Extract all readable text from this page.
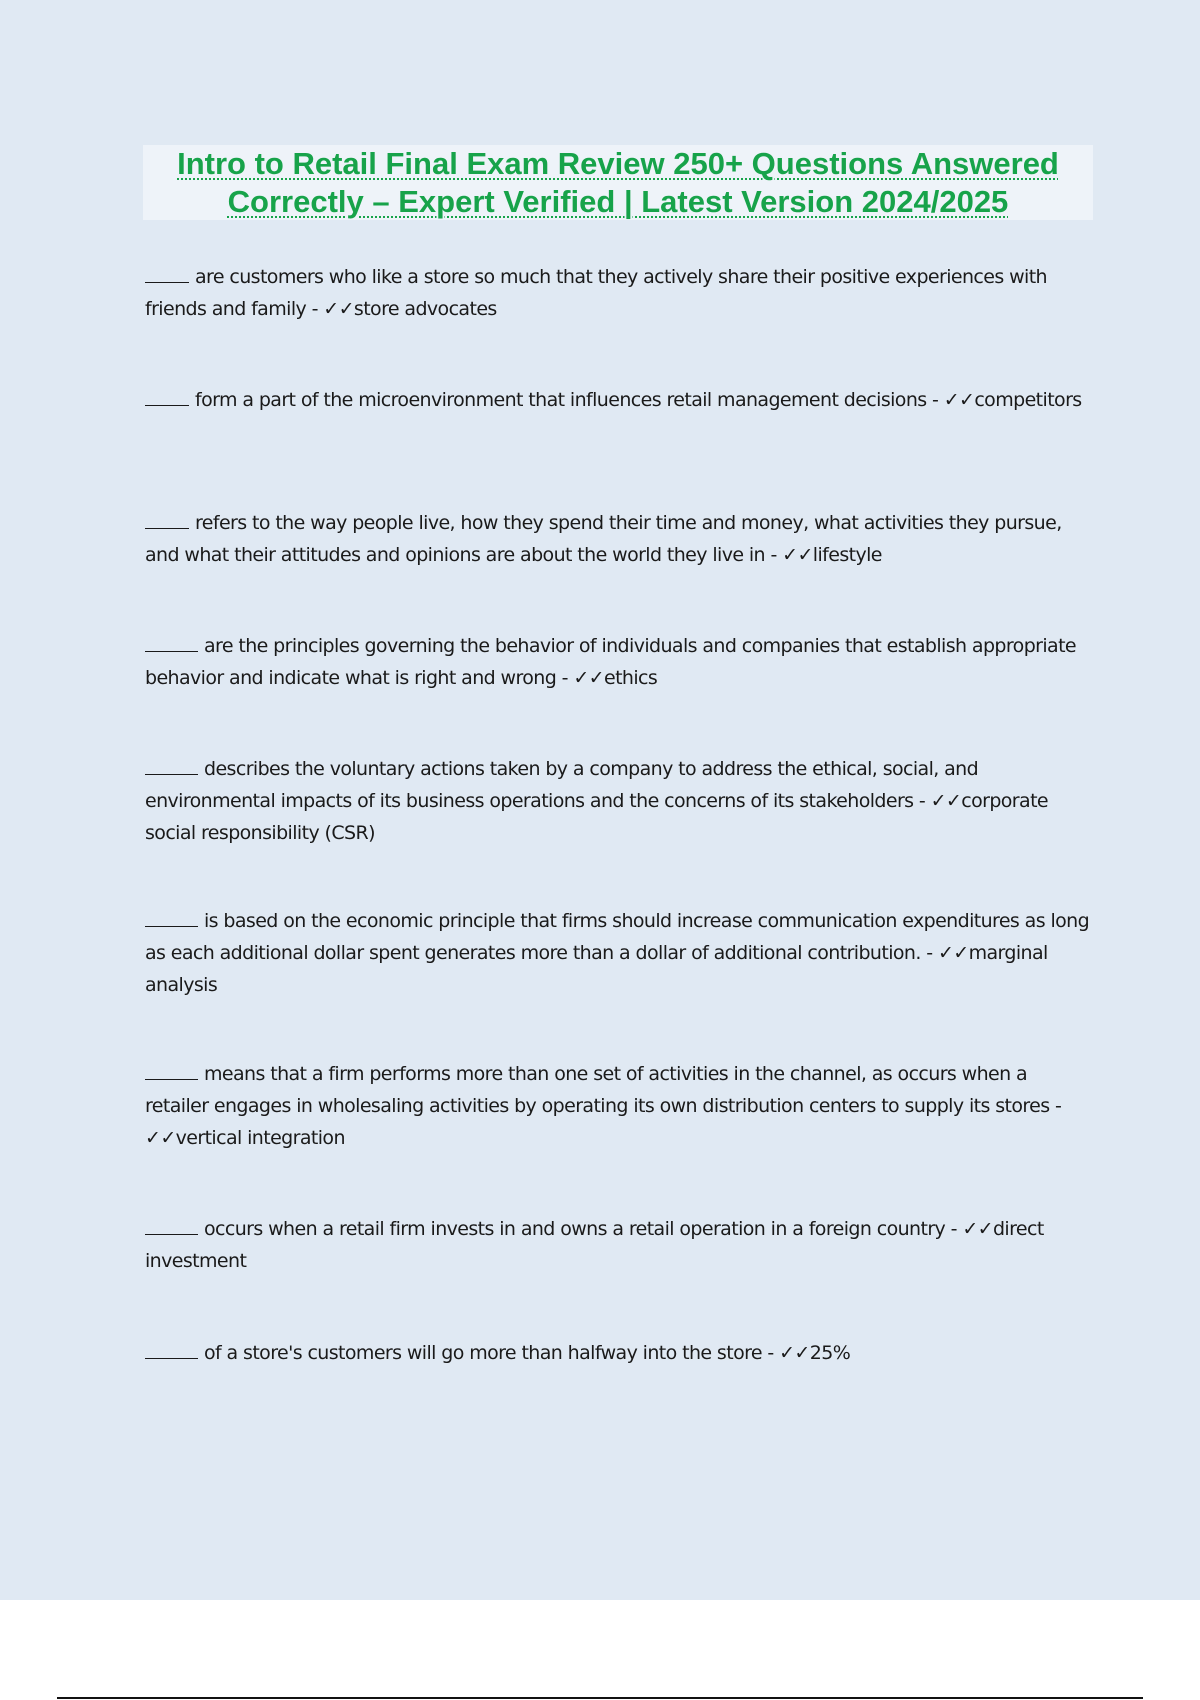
Intro to Retail Final Exam Review 250+ Questions Answered
Correctly – Expert Verified | Latest Version 2024/2025

are customers who like a store so much that they actively share their positive experiences with friends and family - ✓✓store advocates

form a part of the microenvironment that influences retail management decisions - ✓✓competitors

refers to the way people live, how they spend their time and money, what activities they pursue, and what their attitudes and opinions are about the world they live in - ✓✓lifestyle

are the principles governing the behavior of individuals and companies that establish appropriate behavior and indicate what is right and wrong - ✓✓ethics

describes the voluntary actions taken by a company to address the ethical, social, and environmental impacts of its business operations and the concerns of its stakeholders - ✓✓corporate social responsibility (CSR)

is based on the economic principle that firms should increase communication expenditures as long as each additional dollar spent generates more than a dollar of additional contribution. - ✓✓marginal analysis

means that a firm performs more than one set of activities in the channel, as occurs when a retailer engages in wholesaling activities by operating its own distribution centers to supply its stores - ✓✓vertical integration

occurs when a retail firm invests in and owns a retail operation in a foreign country - ✓✓direct investment

of a store's customers will go more than halfway into the store - ✓✓25%
